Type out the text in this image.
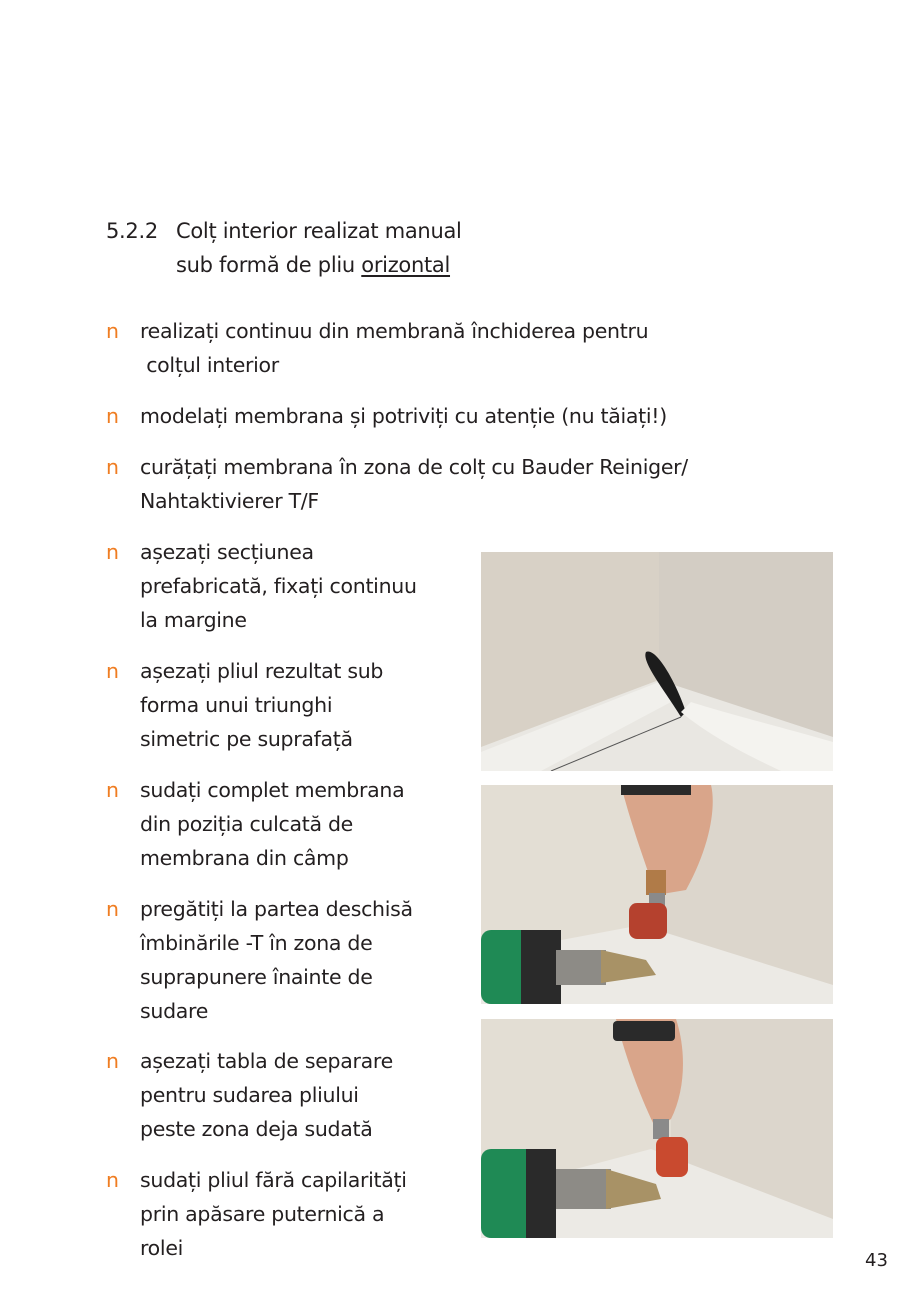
5.2.2 Colț interior realizat manual
sub formă de pliu orizontal
n realizați continuu din membrană închiderea pentru
colțul interior
n modelați membrana și potriviți cu atenție (nu tăiați!)
n curățați membrana în zona de colț cu Bauder Reiniger/
Nahtaktivierer T/F
n așezați secțiunea
prefabricată, fixați continuu
la margine
n așezați pliul rezultat sub
forma unui triunghi
simetric pe suprafață
n sudați complet membrana
din poziția culcată de
membrana din câmp
n pregătiți la partea deschisă
îmbinările -T în zona de
suprapunere înainte de
sudare
n așezați tabla de separare
pentru sudarea pliului
peste zona deja sudată
n sudați pliul fără capilarități
prin apăsare puternică a
rolei
43
